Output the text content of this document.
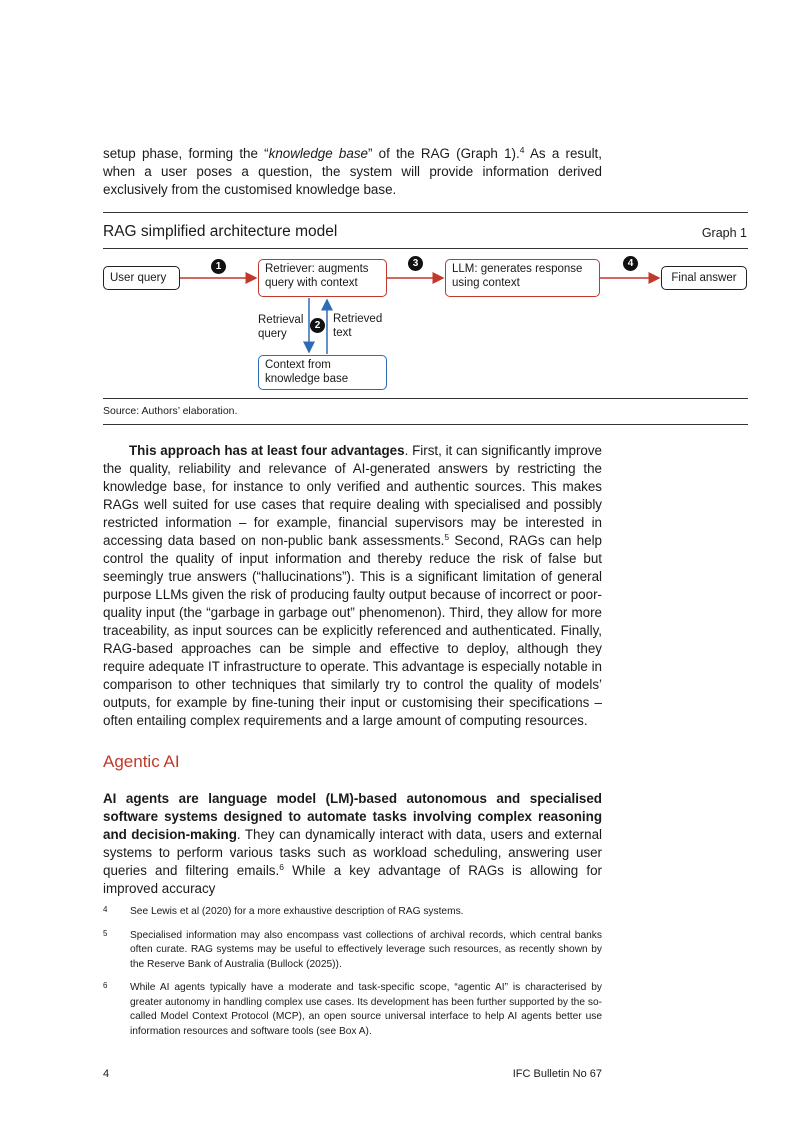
setup phase, forming the “knowledge base” of the RAG (Graph 1).$^4$ As a result, when a user poses a question, the system will provide information derived exclusively from the customised knowledge base.

RAG simplified architecture model	Graph 1
User query
Retriever: augments query with context
LLM: generates response using context	Final answer
Context from knowledge base
Retrieval query
Retrieved text
1
2
3	4
Source: Authors’ elaboration.

This approach has at least four advantages. First, it can significantly improve the quality, reliability and relevance of AI-generated answers by restricting the knowledge base, for instance to only verified and authentic sources. This makes RAGs well suited for use cases that require dealing with specialised and possibly restricted information – for example, financial supervisors may be interested in accessing data based on non-public bank assessments.$^5$ Second, RAGs can help control the quality of input information and thereby reduce the risk of false but seemingly true answers (“hallucinations”). This is a significant limitation of general purpose LLMs given the risk of producing faulty output because of incorrect or poor-quality input (the “garbage in garbage out” phenomenon). Third, they allow for more traceability, as input sources can be explicitly referenced and authenticated. Finally, RAG-based approaches can be simple and effective to deploy, although they require adequate IT infrastructure to operate. This advantage is especially notable in comparison to other techniques that similarly try to control the quality of models’ outputs, for example by fine-tuning their input or customising their specifications – often entailing complex requirements and a large amount of computing resources.

Agentic AI

AI agents are language model (LM)-based autonomous and specialised software systems designed to automate tasks involving complex reasoning and decision-making. They can dynamically interact with data, users and external systems to perform various tasks such as workload scheduling, answering user queries and filtering emails.$^6$ While a key advantage of RAGs is allowing for improved accuracy

4 See Lewis et al (2020) for a more exhaustive description of RAG systems.
5 Specialised information may also encompass vast collections of archival records, which central banks often curate. RAG systems may be useful to effectively leverage such resources, as recently shown by the Reserve Bank of Australia (Bullock (2025)).
6 While AI agents typically have a moderate and task-specific scope, “agentic AI” is characterised by greater autonomy in handling complex use cases. Its development has been further supported by the so-called Model Context Protocol (MCP), an open source universal interface to help AI agents better use information resources and software tools (see Box A).
4	IFC Bulletin No 67
